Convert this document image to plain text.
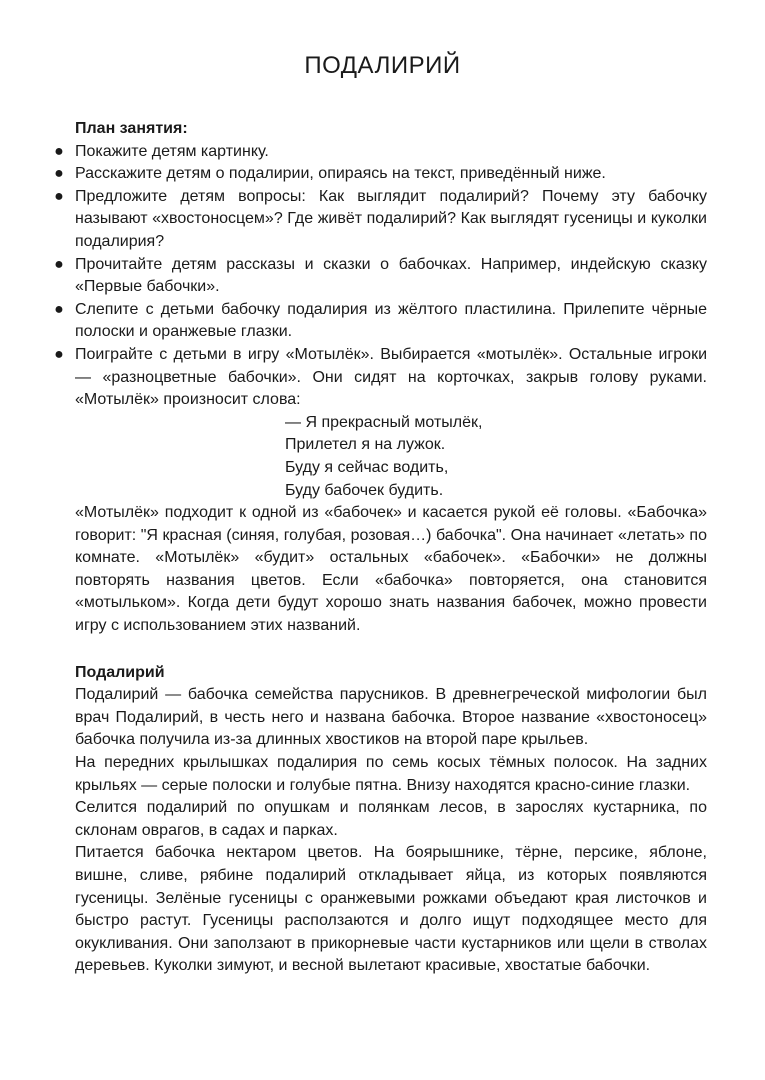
ПОДАЛИРИЙ

План занятия:

● Покажите детям картинку.
● Расскажите детям о подалирии, опираясь на текст, приведённый ниже.
● Предложите детям вопросы: Как выглядит подалирий? Почему эту бабочку называют «хвостоносцем»? Где живёт подалирий? Как выглядят гусеницы и куколки подалирия?
● Прочитайте детям рассказы и сказки о бабочках. Например, индейскую сказку «Первые бабочки».
● Слепите с детьми бабочку подалирия из жёлтого пластилина. Прилепите чёрные полоски и оранжевые глазки.
● Поиграйте с детьми в игру «Мотылёк». Выбирается «мотылёк». Остальные игроки — «разноцветные бабочки». Они сидят на корточках, закрыв голову руками. «Мотылёк» произносит слова:
— Я прекрасный мотылёк,
Прилетел я на лужок.
Буду я сейчас водить,
Буду бабочек будить.

«Мотылёк» подходит к одной из «бабочек» и касается рукой её головы. «Бабочка» говорит: "Я красная (синяя, голубая, розовая…) бабочка". Она начинает «летать» по комнате. «Мотылёк» «будит» остальных «бабочек». «Бабочки» не должны повторять названия цветов. Если «бабочка» повторяется, она становится «мотыльком». Когда дети будут хорошо знать названия бабочек, можно провести игру с использованием этих названий.

Подалирий

Подалирий — бабочка семейства парусников. В древнегреческой мифологии был врач Подалирий, в честь него и названа бабочка. Второе название «хвостоносец» бабочка получила из-за длинных хвостиков на второй паре крыльев.

На передних крылышках подалирия по семь косых тёмных полосок. На задних крыльях — серые полоски и голубые пятна. Внизу находятся красно-синие глазки.

Селится подалирий по опушкам и полянкам лесов, в зарослях кустарника, по склонам оврагов, в садах и парках.

Питается бабочка нектаром цветов. На боярышнике, тёрне, персике, яблоне, вишне, сливе, рябине подалирий откладывает яйца, из которых появляются гусеницы. Зелёные гусеницы с оранжевыми рожками объедают края листочков и быстро растут. Гусеницы расползаются и долго ищут подходящее место для окукливания. Они заползают в прикорневые части кустарников или щели в стволах деревьев. Куколки зимуют, и весной вылетают красивые, хвостатые бабочки.
